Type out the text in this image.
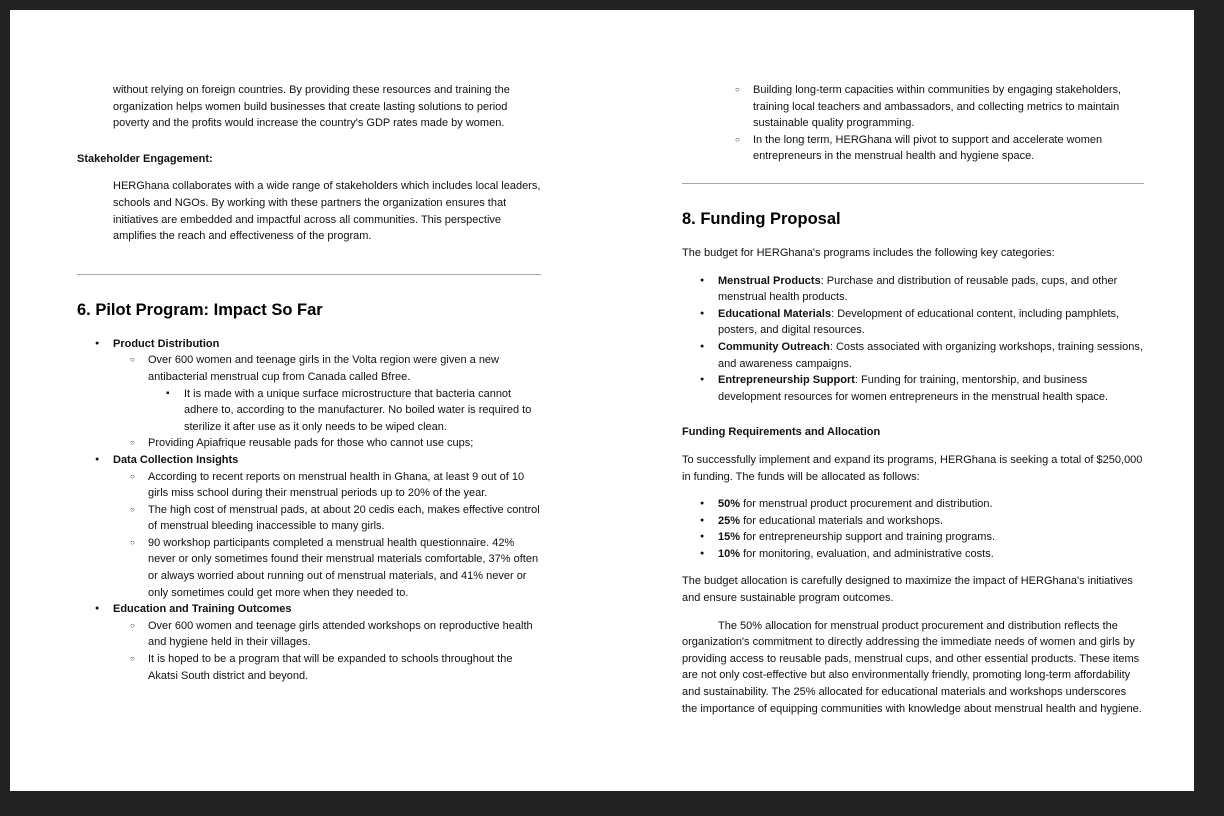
without relying on foreign countries. By providing these resources and training the organization helps women build businesses that create lasting solutions to period poverty and the profits would increase the country's GDP rates made by women.

Stakeholder Engagement:

HERGhana collaborates with a wide range of stakeholders which includes local leaders, schools and NGOs. By working with these partners the organization ensures that initiatives are embedded and impactful across all communities. This perspective amplifies the reach and effectiveness of the program.

6. Pilot Program: Impact So Far
● Product Distribution
○ Over 600 women and teenage girls in the Volta region were given a new antibacterial menstrual cup from Canada called Bfree.
▪ It is made with a unique surface microstructure that bacteria cannot adhere to, according to the manufacturer. No boiled water is required to sterilize it after use as it only needs to be wiped clean.
○ Providing Apiafrique reusable pads for those who cannot use cups;
● Data Collection Insights
○ According to recent reports on menstrual health in Ghana, at least 9 out of 10 girls miss school during their menstrual periods up to 20% of the year.
○ The high cost of menstrual pads, at about 20 cedis each, makes effective control of menstrual bleeding inaccessible to many girls.
○ 90 workshop participants completed a menstrual health questionnaire. 42% never or only sometimes found their menstrual materials comfortable, 37% often or always worried about running out of menstrual materials, and 41% never or only sometimes could get more when they needed to.
● Education and Training Outcomes
○ Over 600 women and teenage girls attended workshops on reproductive health and hygiene held in their villages.
○ It is hoped to be a program that will be expanded to schools throughout the Akatsi South district and beyond.
○ Building long-term capacities within communities by engaging stakeholders, training local teachers and ambassadors, and collecting metrics to maintain sustainable quality programming.
○ In the long term, HERGhana will pivot to support and accelerate women entrepreneurs in the menstrual health and hygiene space.
8. Funding Proposal

The budget for HERGhana's programs includes the following key categories:

● Menstrual Products: Purchase and distribution of reusable pads, cups, and other menstrual health products.
● Educational Materials: Development of educational content, including pamphlets, posters, and digital resources.
● Community Outreach: Costs associated with organizing workshops, training sessions, and awareness campaigns.
● Entrepreneurship Support: Funding for training, mentorship, and business development resources for women entrepreneurs in the menstrual health space.

Funding Requirements and Allocation

To successfully implement and expand its programs, HERGhana is seeking a total of $250,000 in funding. The funds will be allocated as follows:

● 50% for menstrual product procurement and distribution.
● 25% for educational materials and workshops.
● 15% for entrepreneurship support and training programs.
● 10% for monitoring, evaluation, and administrative costs.

The budget allocation is carefully designed to maximize the impact of HERGhana's initiatives and ensure sustainable program outcomes.

The 50% allocation for menstrual product procurement and distribution reflects the organization's commitment to directly addressing the immediate needs of women and girls by providing access to reusable pads, menstrual cups, and other essential products. These items are not only cost-effective but also environmentally friendly, promoting long-term affordability and sustainability. The 25% allocated for educational materials and workshops underscores the importance of equipping communities with knowledge about menstrual health and hygiene.
